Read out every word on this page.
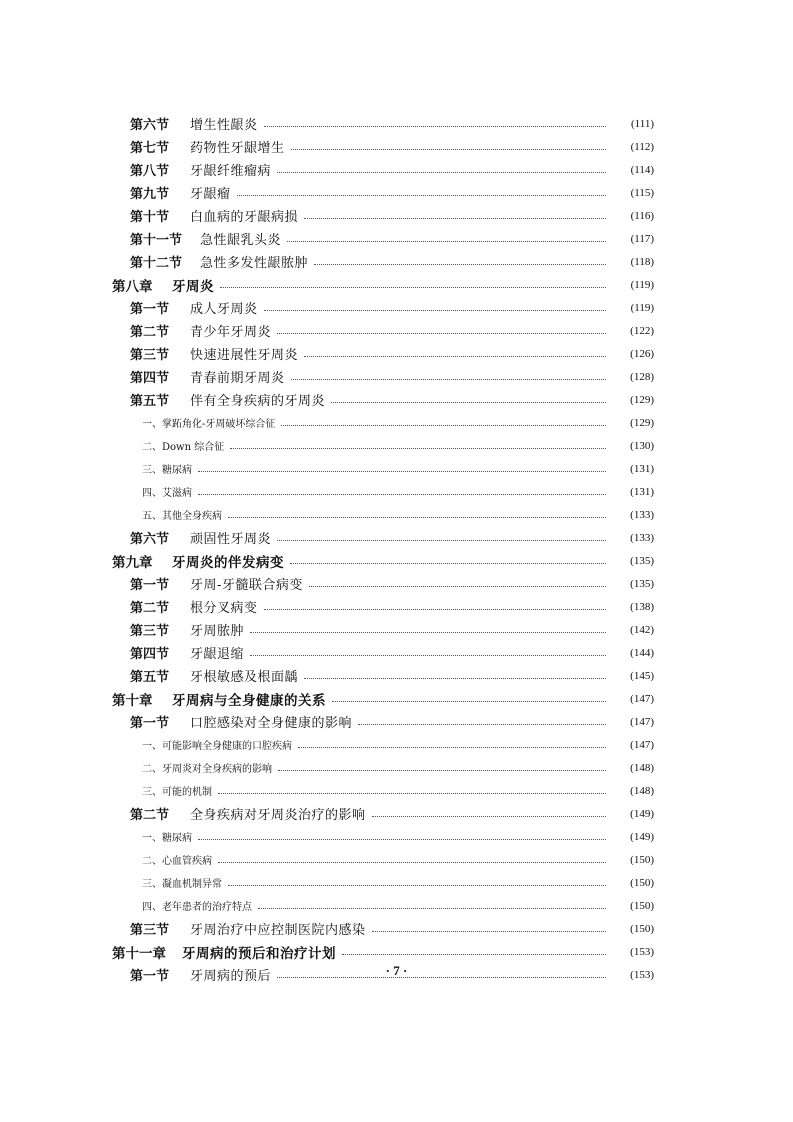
第六节	增生性龈炎	(111)
第七节	药物性牙龈增生	(112)
第八节	牙龈纤维瘤病	(114)
第九节	牙龈瘤	(115)
第十节	白血病的牙龈病损	(116)
第十一节	急性龈乳头炎	(117)
第十二节	急性多发性龈脓肿	(118)
第八章	牙周炎	(119)
第一节	成人牙周炎	(119)
第二节	青少年牙周炎	(122)
第三节	快速进展性牙周炎	(126)
第四节	青春前期牙周炎	(128)
第五节	伴有全身疾病的牙周炎	(129)
一、掌跖角化-牙周破坏综合征	(129)
二、Down 综合征	(130)
三、糖尿病	(131)
四、艾滋病	(131)
五、其他全身疾病	(133)
第六节	顽固性牙周炎	(133)
第九章	牙周炎的伴发病变	(135)
第一节	牙周-牙髓联合病变	(135)
第二节	根分叉病变	(138)
第三节	牙周脓肿	(142)
第四节	牙龈退缩	(144)
第五节	牙根敏感及根面龋	(145)
第十章	牙周病与全身健康的关系	(147)
第一节	口腔感染对全身健康的影响	(147)
一、可能影响全身健康的口腔疾病	(147)
二、牙周炎对全身疾病的影响	(148)
三、可能的机制	(148)
第二节	全身疾病对牙周炎治疗的影响	(149)
一、糖尿病	(149)
二、心血管疾病	(150)
三、凝血机制异常	(150)
四、老年患者的治疗特点	(150)
第三节	牙周治疗中应控制医院内感染	(150)
第十一章	牙周病的预后和治疗计划	(153)
第一节	牙周病的预后	(153)
· 7 ·
